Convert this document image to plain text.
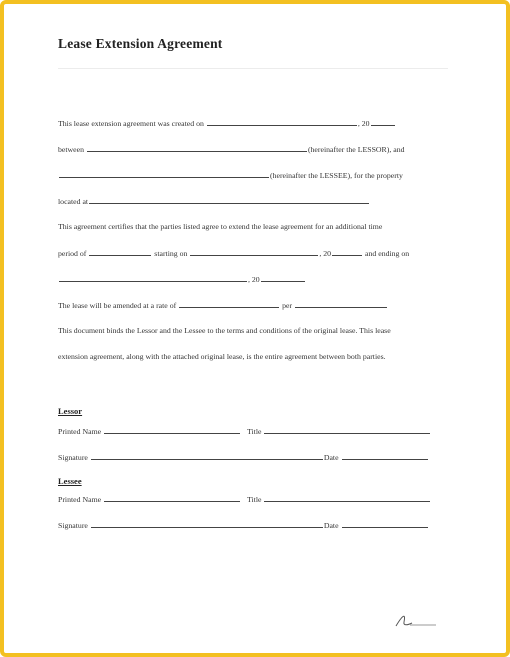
Lease Extension Agreement
This lease extension agreement was created on	, 20
between	(hereinafter the LESSOR), and
(hereinafter the LESSEE), for the property
located at
This agreement certifies that the parties listed agree to extend the lease agreement for an additional time
period of	starting on	, 20	and ending on
, 20
The lease will be amended at a rate of	per
This document binds the Lessor and the Lessee to the terms and conditions of the original lease. This lease
extension agreement, along with the attached original lease, is the entire agreement between both parties.
Lessor
Printed Name	Title
Signature	Date
Lessee
Printed Name	Title
Signature	Date
